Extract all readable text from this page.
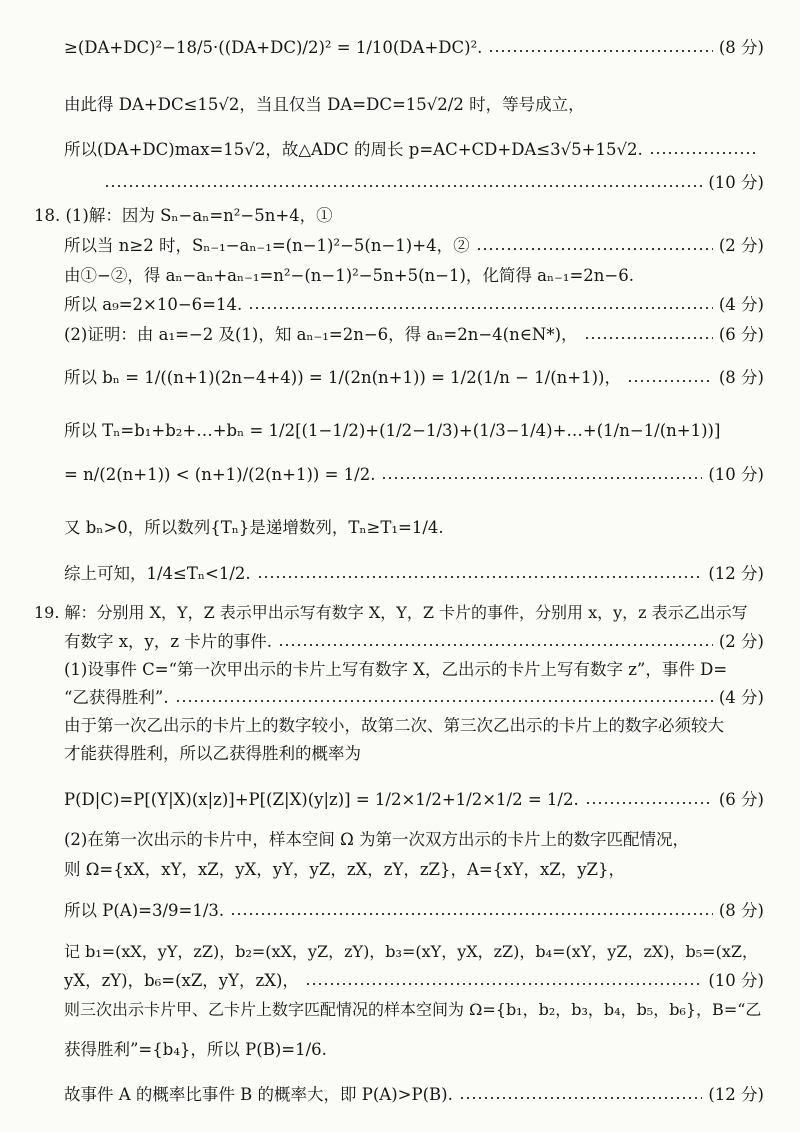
≥(DA+DC)²−18/5·((DA+DC)/2)² = 1/10(DA+DC)².	(8 分)
由此得 DA+DC≤15√2，当且仅当 DA=DC=15√2/2 时，等号成立，
所以(DA+DC)max=15√2，故△ADC 的周长 p=AC+CD+DA≤3√5+15√2.
(10 分)
18. (1)解：因为 Sₙ−aₙ=n²−5n+4，①
所以当 n≥2 时，Sₙ₋₁−aₙ₋₁=(n−1)²−5(n−1)+4，②	(2 分)
由①−②，得 aₙ−aₙ+aₙ₋₁=n²−(n−1)²−5n+5(n−1)，化简得 aₙ₋₁=2n−6.
所以 a₉=2×10−6=14.	(4 分)
(2)证明：由 a₁=−2 及(1)，知 aₙ₋₁=2n−6，得 aₙ=2n−4(n∈N*)，	(6 分)
所以 bₙ = 1/((n+1)(2n−4+4)) = 1/(2n(n+1)) = 1/2(1/n − 1/(n+1))，	(8 分)
所以 Tₙ=b₁+b₂+…+bₙ = 1/2[(1−1/2)+(1/2−1/3)+(1/3−1/4)+…+(1/n−1/(n+1))]
= n/(2(n+1)) < (n+1)/(2(n+1)) = 1/2.	(10 分)
又 bₙ>0，所以数列{Tₙ}是递增数列，Tₙ≥T₁=1/4.
综上可知，1/4≤Tₙ<1/2.	(12 分)
19. 解：分别用 X，Y，Z 表示甲出示写有数字 X，Y，Z 卡片的事件，分别用 x，y，z 表示乙出示写
有数字 x，y，z 卡片的事件.	(2 分)
(1)设事件 C=“第一次甲出示的卡片上写有数字 X，乙出示的卡片上写有数字 z”，事件 D=
“乙获得胜利”.	(4 分)
由于第一次乙出示的卡片上的数字较小，故第二次、第三次乙出示的卡片上的数字必须较大
才能获得胜利，所以乙获得胜利的概率为
P(D|C)=P[(Y|X)(x|z)]+P[(Z|X)(y|z)] = 1/2×1/2+1/2×1/2 = 1/2.	(6 分)
(2)在第一次出示的卡片中，样本空间 Ω 为第一次双方出示的卡片上的数字匹配情况，
则 Ω={xX，xY，xZ，yX，yY，yZ，zX，zY，zZ}，A={xY，xZ，yZ}，
所以 P(A)=3/9=1/3.	(8 分)
记 b₁=(xX，yY，zZ)，b₂=(xX，yZ，zY)，b₃=(xY，yX，zZ)，b₄=(xY，yZ，zX)，b₅=(xZ，
yX，zY)，b₆=(xZ，yY，zX)，	(10 分)
则三次出示卡片甲、乙卡片上数字匹配情况的样本空间为 Ω={b₁，b₂，b₃，b₄，b₅，b₆}，B=“乙
获得胜利”={b₄}，所以 P(B)=1/6.
故事件 A 的概率比事件 B 的概率大，即 P(A)>P(B).	(12 分)
